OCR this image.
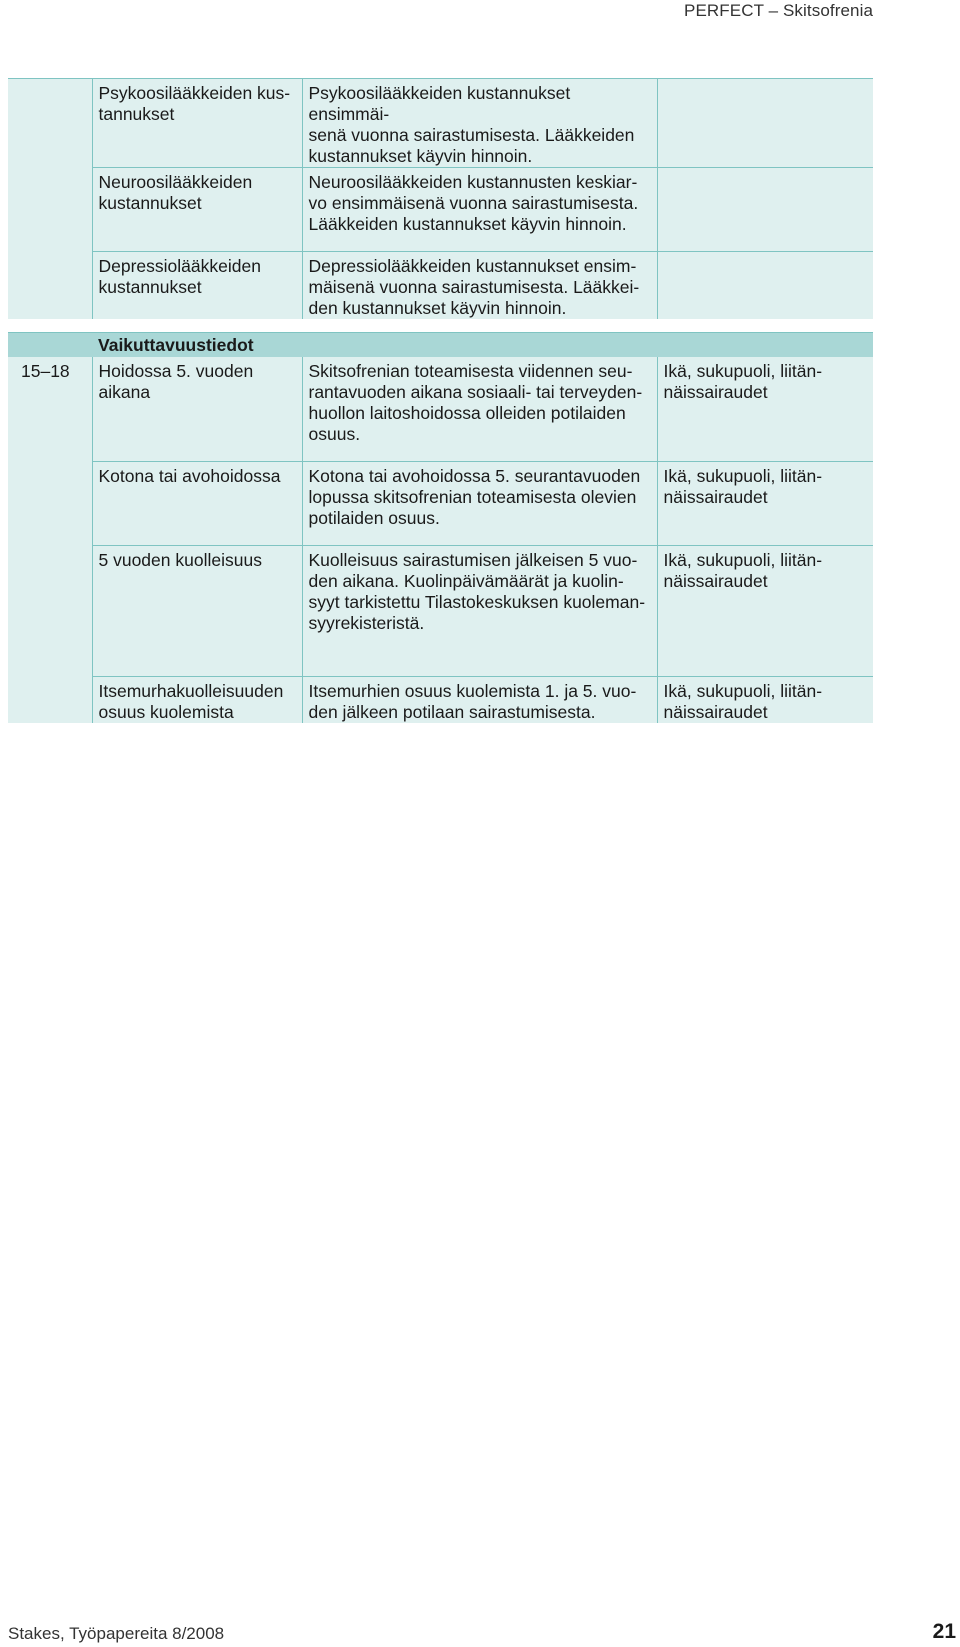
PERFECT – Skitsofrenia

	Psykoosilääkkeiden kus-
tannukset	Psykoosilääkkeiden kustannukset ensimmäi-
senä vuonna sairastumisesta. Lääkkeiden
kustannukset käyvin hinnoin.	

	Neuroosilääkkeiden
kustannukset	Neuroosilääkkeiden kustannusten keskiar-
vo ensimmäisenä vuonna sairastumisesta.
Lääkkeiden kustannukset käyvin hinnoin.	

	Depressiolääkkeiden
kustannukset	Depressiolääkkeiden kustannukset ensim-
mäisenä vuonna sairastumisesta. Lääkkei-
den kustannukset käyvin hinnoin.	

	Vaikuttavuustiedot		

15–18	Hoidossa 5. vuoden
aikana	Skitsofrenian toteamisesta viidennen seu-
rantavuoden aikana sosiaali- tai terveyden-
huollon laitoshoidossa olleiden potilaiden
osuus.	Ikä, sukupuoli, liitän-
näissairaudet

	Kotona tai avohoidossa	Kotona tai avohoidossa 5. seurantavuoden
lopussa skitsofrenian toteamisesta olevien
potilaiden osuus.	Ikä, sukupuoli, liitän-
näissairaudet

	5 vuoden kuolleisuus	Kuolleisuus sairastumisen jälkeisen 5 vuo-
den aikana. Kuolinpäivämäärät ja kuolin-
syyt tarkistettu Tilastokeskuksen kuoleman-
syyrekisteristä.	Ikä, sukupuoli, liitän-
näissairaudet

	Itsemurhakuolleisuuden
osuus kuolemista	Itsemurhien osuus kuolemista 1. ja 5. vuo-
den jälkeen potilaan sairastumisesta.	Ikä, sukupuoli, liitän-
näissairaudet
Stakes, Työpapereita 8/2008	21
